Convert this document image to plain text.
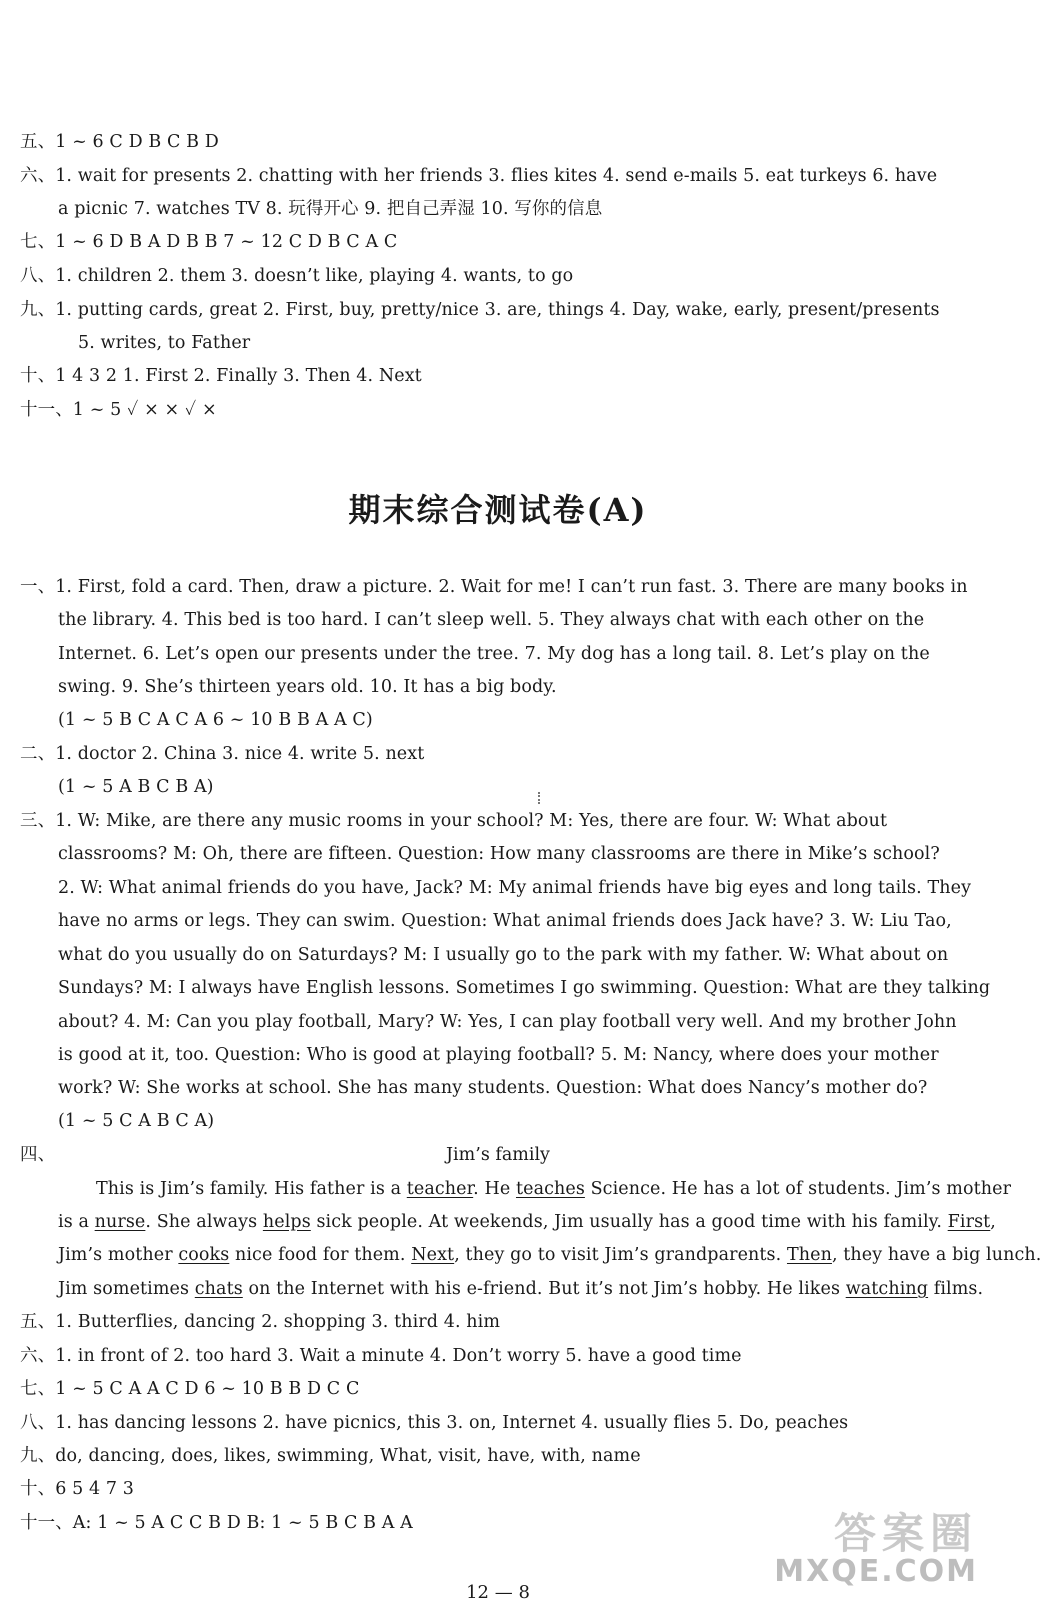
五、1 ~ 6 C D B C B D
六、1. wait for presents 2. chatting with her friends 3. flies kites 4. send e-mails 5. eat turkeys 6. have
a picnic 7. watches TV 8. 玩得开心 9. 把自己弄湿 10. 写你的信息
七、1 ~ 6 D B A D B B 7 ~ 12 C D B C A C
八、1. children 2. them 3. doesn’t like, playing 4. wants, to go
九、1. putting cards, great 2. First, buy, pretty/nice 3. are, things 4. Day, wake, early, present/presents
5. writes, to Father
十、1 4 3 2 1. First 2. Finally 3. Then 4. Next
十一、1 ~ 5 ✓ × × ✓ ×
期末综合测试卷(A)
一、1. First, fold a card. Then, draw a picture. 2. Wait for me! I can’t run fast. 3. There are many books in
the library. 4. This bed is too hard. I can’t sleep well. 5. They always chat with each other on the
Internet. 6. Let’s open our presents under the tree. 7. My dog has a long tail. 8. Let’s play on the
swing. 9. She’s thirteen years old. 10. It has a big body.
(1 ~ 5 B C A C A 6 ~ 10 B B A A C)
二、1. doctor 2. China 3. nice 4. write 5. next
(1 ~ 5 A B C B A)
三、1. W: Mike, are there any music rooms in your school? M: Yes, there are four. W: What about
classrooms? M: Oh, there are fifteen. Question: How many classrooms are there in Mike’s school?
2. W: What animal friends do you have, Jack? M: My animal friends have big eyes and long tails. They
have no arms or legs. They can swim. Question: What animal friends does Jack have? 3. W: Liu Tao,
what do you usually do on Saturdays? M: I usually go to the park with my father. W: What about on
Sundays? M: I always have English lessons. Sometimes I go swimming. Question: What are they talking
about? 4. M: Can you play football, Mary? W: Yes, I can play football very well. And my brother John
is good at it, too. Question: Who is good at playing football? 5. M: Nancy, where does your mother
work? W: She works at school. She has many students. Question: What does Nancy’s mother do?
(1 ~ 5 C A B C A)
四、	Jim’s family
This is Jim’s family. His father is a teacher. He teaches Science. He has a lot of students. Jim’s mother
is a nurse. She always helps sick people. At weekends, Jim usually has a good time with his family. First,
Jim’s mother cooks nice food for them. Next, they go to visit Jim’s grandparents. Then, they have a big lunch.
Jim sometimes chats on the Internet with his e-friend. But it’s not Jim’s hobby. He likes watching films.
五、1. Butterflies, dancing 2. shopping 3. third 4. him
六、1. in front of 2. too hard 3. Wait a minute 4. Don’t worry 5. have a good time
七、1 ~ 5 C A A C D 6 ~ 10 B B D C C
八、1. has dancing lessons 2. have picnics, this 3. on, Internet 4. usually flies 5. Do, peaches
九、do, dancing, does, likes, swimming, What, visit, have, with, name
十、6 5 4 7 3
十一、A: 1 ~ 5 A C C B D B: 1 ~ 5 B C B A A	答案圈
MXQE.COM
12 — 8
